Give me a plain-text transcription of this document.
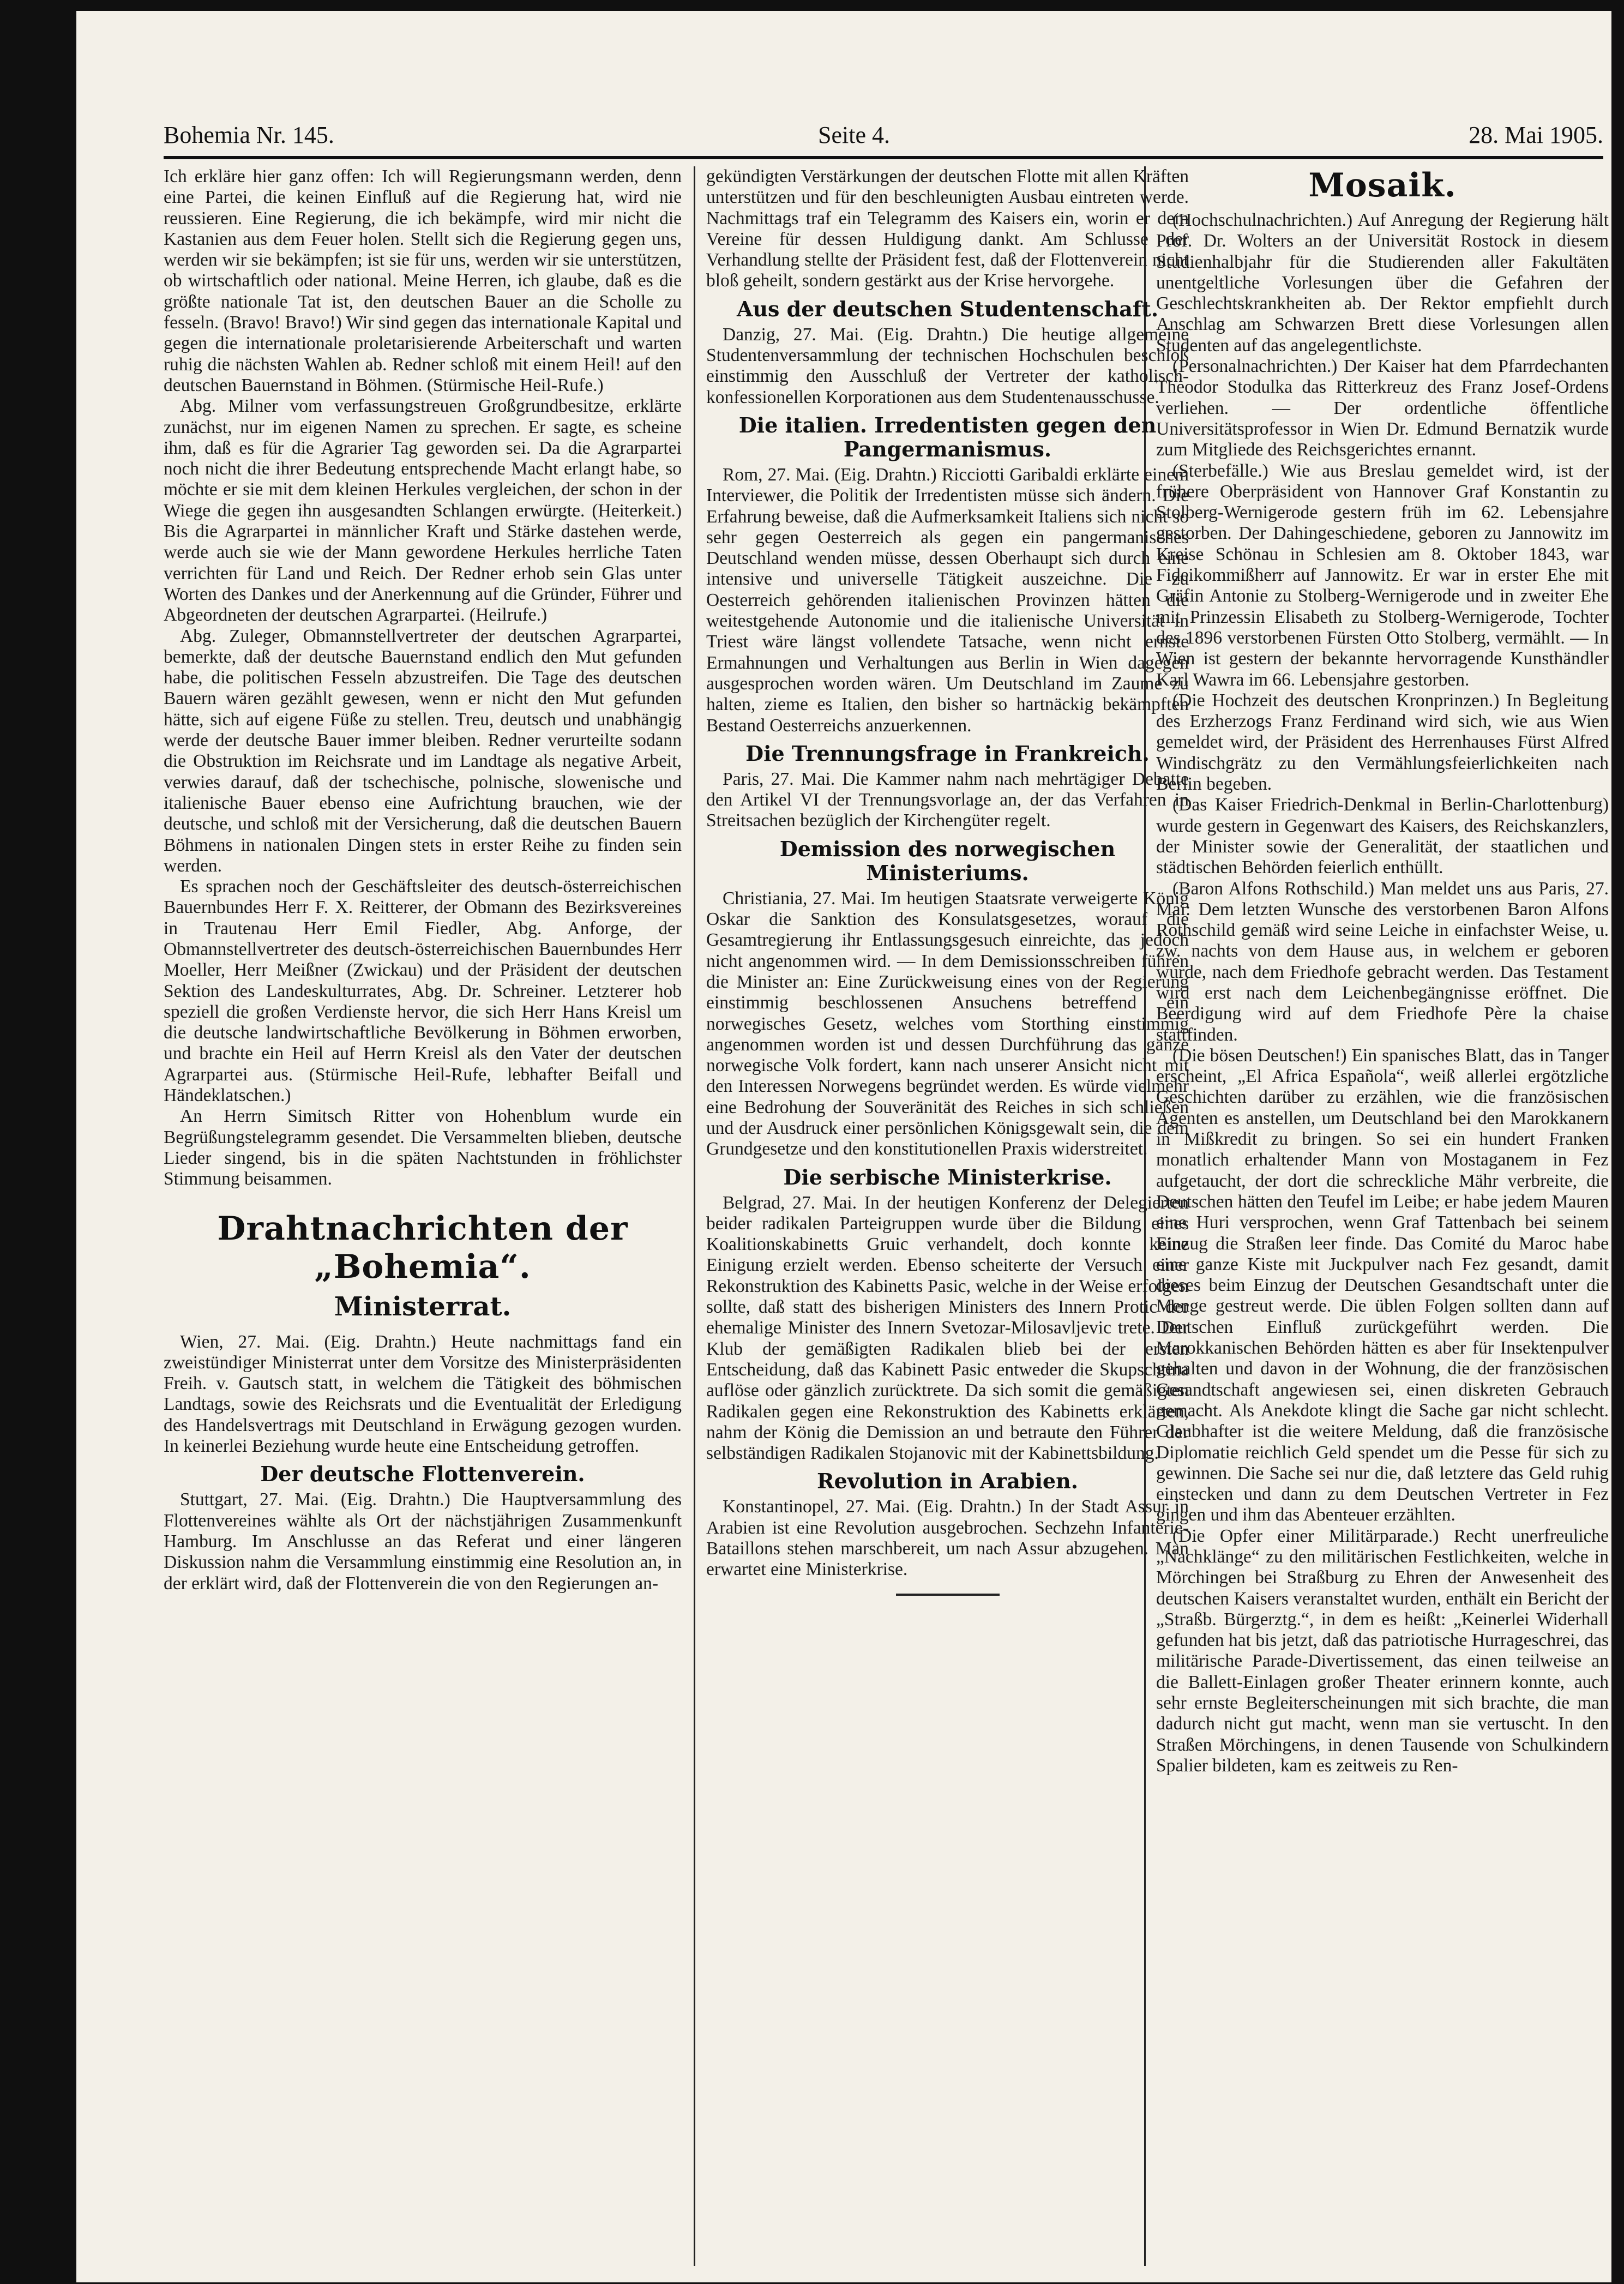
Bohemia Nr. 145.	Seite 4.	28. Mai 1905.

Ich erkläre hier ganz offen: Ich will Regierungsmann werden, denn eine Partei, die keinen Einfluß auf die Regierung hat, wird nie reussieren. Eine Regierung, die ich bekämpfe, wird mir nicht die Kastanien aus dem Feuer holen. Stellt sich die Regierung gegen uns, werden wir sie bekämpfen; ist sie für uns, werden wir sie unterstützen, ob wirtschaftlich oder national. Meine Herren, ich glaube, daß es die größte nationale Tat ist, den deutschen Bauer an die Scholle zu fesseln. (Bravo! Bravo!) Wir sind gegen das internationale Kapital und gegen die internationale proletarisierende Arbeiterschaft und warten ruhig die nächsten Wahlen ab. Redner schloß mit einem Heil! auf den deutschen Bauernstand in Böhmen. (Stürmische Heil-Rufe.)

Abg. Milner vom verfassungstreuen Großgrundbesitze, erklärte zunächst, nur im eigenen Namen zu sprechen. Er sagte, es scheine ihm, daß es für die Agrarier Tag geworden sei. Da die Agrarpartei noch nicht die ihrer Bedeutung entsprechende Macht erlangt habe, so möchte er sie mit dem kleinen Herkules vergleichen, der schon in der Wiege die gegen ihn ausgesandten Schlangen erwürgte. (Heiterkeit.) Bis die Agrarpartei in männlicher Kraft und Stärke dastehen werde, werde auch sie wie der Mann gewordene Herkules herrliche Taten verrichten für Land und Reich. Der Redner erhob sein Glas unter Worten des Dankes und der Anerkennung auf die Gründer, Führer und Abgeordneten der deutschen Agrarpartei. (Heilrufe.)

Abg. Zuleger, Obmannstellvertreter der deutschen Agrarpartei, bemerkte, daß der deutsche Bauernstand endlich den Mut gefunden habe, die politischen Fesseln abzustreifen. Die Tage des deutschen Bauern wären gezählt gewesen, wenn er nicht den Mut gefunden hätte, sich auf eigene Füße zu stellen. Treu, deutsch und unabhängig werde der deutsche Bauer immer bleiben. Redner verurteilte sodann die Obstruktion im Reichsrate und im Landtage als negative Arbeit, verwies darauf, daß der tschechische, polnische, slowenische und italienische Bauer ebenso eine Aufrichtung brauchen, wie der deutsche, und schloß mit der Versicherung, daß die deutschen Bauern Böhmens in nationalen Dingen stets in erster Reihe zu finden sein werden.

Es sprachen noch der Geschäftsleiter des deutsch-österreichischen Bauernbundes Herr F. X. Reitterer, der Obmann des Bezirksvereines in Trautenau Herr Emil Fiedler, Abg. Anforge, der Obmannstellvertreter des deutsch-österreichischen Bauernbundes Herr Moeller, Herr Meißner (Zwickau) und der Präsident der deutschen Sektion des Landeskulturrates, Abg. Dr. Schreiner. Letzterer hob speziell die großen Verdienste hervor, die sich Herr Hans Kreisl um die deutsche landwirtschaftliche Bevölkerung in Böhmen erworben, und brachte ein Heil auf Herrn Kreisl als den Vater der deutschen Agrarpartei aus. (Stürmische Heil-Rufe, lebhafter Beifall und Händeklatschen.)

An Herrn Simitsch Ritter von Hohenblum wurde ein Begrüßungstelegramm gesendet. Die Versammelten blieben, deutsche Lieder singend, bis in die späten Nachtstunden in fröhlichster Stimmung beisammen.

Drahtnachrichten der „Bohemia“.
Ministerrat.

Wien, 27. Mai. (Eig. Drahtn.) Heute nachmittags fand ein zweistündiger Ministerrat unter dem Vorsitze des Ministerpräsidenten Freih. v. Gautsch statt, in welchem die Tätigkeit des böhmischen Landtags, sowie des Reichsrats und die Eventualität der Erledigung des Handelsvertrags mit Deutschland in Erwägung gezogen wurden. In keinerlei Beziehung wurde heute eine Entscheidung getroffen.

Der deutsche Flottenverein.

Stuttgart, 27. Mai. (Eig. Drahtn.) Die Hauptversammlung des Flottenvereines wählte als Ort der nächstjährigen Zusammenkunft Hamburg. Im Anschlusse an das Referat und einer längeren Diskussion nahm die Versammlung einstimmig eine Resolution an, in der erklärt wird, daß der Flottenverein die von den Regierungen an-

gekündigten Verstärkungen der deutschen Flotte mit allen Kräften unterstützen und für den beschleunigten Ausbau eintreten werde. Nachmittags traf ein Telegramm des Kaisers ein, worin er dem Vereine für dessen Huldigung dankt. Am Schlusse der Verhandlung stellte der Präsident fest, daß der Flottenverein nicht bloß geheilt, sondern gestärkt aus der Krise hervorgehe.

Aus der deutschen Studentenschaft.

Danzig, 27. Mai. (Eig. Drahtn.) Die heutige allgemeine Studentenversammlung der technischen Hochschulen beschloß einstimmig den Ausschluß der Vertreter der katholisch-konfessionellen Korporationen aus dem Studentenausschusse.

Die italien. Irredentisten gegen den Pangermanismus.

Rom, 27. Mai. (Eig. Drahtn.) Ricciotti Garibaldi erklärte einem Interviewer, die Politik der Irredentisten müsse sich ändern. Die Erfahrung beweise, daß die Aufmerksamkeit Italiens sich nicht so sehr gegen Oesterreich als gegen ein pangermanisches Deutschland wenden müsse, dessen Oberhaupt sich durch eine intensive und universelle Tätigkeit auszeichne. Die zu Oesterreich gehörenden italienischen Provinzen hätten die weitestgehende Autonomie und die italienische Universität in Triest wäre längst vollendete Tatsache, wenn nicht ernste Ermahnungen und Verhaltungen aus Berlin in Wien dagegen ausgesprochen worden wären. Um Deutschland im Zaume zu halten, zieme es Italien, den bisher so hartnäckig bekämpften Bestand Oesterreichs anzuerkennen.

Die Trennungsfrage in Frankreich.

Paris, 27. Mai. Die Kammer nahm nach mehrtägiger Debatte den Artikel VI der Trennungsvorlage an, der das Verfahren in Streitsachen bezüglich der Kirchengüter regelt.

Demission des norwegischen Ministeriums.

Christiania, 27. Mai. Im heutigen Staatsrate verweigerte König Oskar die Sanktion des Konsulatsgesetzes, worauf die Gesamtregierung ihr Entlassungsgesuch einreichte, das jedoch nicht angenommen wird. — In dem Demissionsschreiben führen die Minister an: Eine Zurückweisung eines von der Regierung einstimmig beschlossenen Ansuchens betreffend ein norwegisches Gesetz, welches vom Storthing einstimmig angenommen worden ist und dessen Durchführung das ganze norwegische Volk fordert, kann nach unserer Ansicht nicht mit den Interessen Norwegens begründet werden. Es würde vielmehr eine Bedrohung der Souveränität des Reiches in sich schließen und der Ausdruck einer persönlichen Königsgewalt sein, die dem Grundgesetze und den konstitutionellen Praxis widerstreitet.

Die serbische Ministerkrise.

Belgrad, 27. Mai. In der heutigen Konferenz der Delegierten beider radikalen Parteigruppen wurde über die Bildung eines Koalitionskabinetts Gruic verhandelt, doch konnte keine Einigung erzielt werden. Ebenso scheiterte der Versuch einer Rekonstruktion des Kabinetts Pasic, welche in der Weise erfolgen sollte, daß statt des bisherigen Ministers des Innern Protic der ehemalige Minister des Innern Svetozar-Milosavljevic trete. Der Klub der gemäßigten Radikalen blieb bei der ersten Entscheidung, daß das Kabinett Pasic entweder die Skupschtina auflöse oder gänzlich zurücktrete. Da sich somit die gemäßigten Radikalen gegen eine Rekonstruktion des Kabinetts erklärten, nahm der König die Demission an und betraute den Führer der selbständigen Radikalen Stojanovic mit der Kabinettsbildung.

Revolution in Arabien.

Konstantinopel, 27. Mai. (Eig. Drahtn.) In der Stadt Assur in Arabien ist eine Revolution ausgebrochen. Sechzehn Infanterie-Bataillons stehen marschbereit, um nach Assur abzugehen. Man erwartet eine Ministerkrise.

Mosaik.

(Hochschulnachrichten.) Auf Anregung der Regierung hält Prof. Dr. Wolters an der Universität Rostock in diesem Studienhalbjahr für die Studierenden aller Fakultäten unentgeltliche Vorlesungen über die Gefahren der Geschlechtskrankheiten ab. Der Rektor empfiehlt durch Anschlag am Schwarzen Brett diese Vorlesungen allen Studenten auf das angelegentlichste.

(Personalnachrichten.) Der Kaiser hat dem Pfarrdechanten Theodor Stodulka das Ritterkreuz des Franz Josef-Ordens verliehen. — Der ordentliche öffentliche Universitätsprofessor in Wien Dr. Edmund Bernatzik wurde zum Mitgliede des Reichsgerichtes ernannt.

(Sterbefälle.) Wie aus Breslau gemeldet wird, ist der frühere Oberpräsident von Hannover Graf Konstantin zu Stolberg-Wernigerode gestern früh im 62. Lebensjahre gestorben. Der Dahingeschiedene, geboren zu Jannowitz im Kreise Schönau in Schlesien am 8. Oktober 1843, war Fideikommißherr auf Jannowitz. Er war in erster Ehe mit Gräfin Antonie zu Stolberg-Wernigerode und in zweiter Ehe mit Prinzessin Elisabeth zu Stolberg-Wernigerode, Tochter des 1896 verstorbenen Fürsten Otto Stolberg, vermählt. — In Wien ist gestern der bekannte hervorragende Kunsthändler Karl Wawra im 66. Lebensjahre gestorben.

(Die Hochzeit des deutschen Kronprinzen.) In Begleitung des Erzherzogs Franz Ferdinand wird sich, wie aus Wien gemeldet wird, der Präsident des Herrenhauses Fürst Alfred Windischgrätz zu den Vermählungsfeierlichkeiten nach Berlin begeben.

(Das Kaiser Friedrich-Denkmal in Berlin-Charlottenburg) wurde gestern in Gegenwart des Kaisers, des Reichskanzlers, der Minister sowie der Generalität, der staatlichen und städtischen Behörden feierlich enthüllt.

(Baron Alfons Rothschild.) Man meldet uns aus Paris, 27. Mai: Dem letzten Wunsche des verstorbenen Baron Alfons Rothschild gemäß wird seine Leiche in einfachster Weise, u. zw. nachts von dem Hause aus, in welchem er geboren wurde, nach dem Friedhofe gebracht werden. Das Testament wird erst nach dem Leichenbegängnisse eröffnet. Die Beerdigung wird auf dem Friedhofe Père la chaise stattfinden.

(Die bösen Deutschen!) Ein spanisches Blatt, das in Tanger erscheint, „El Africa Española“, weiß allerlei ergötzliche Geschichten darüber zu erzählen, wie die französischen Agenten es anstellen, um Deutschland bei den Marokkanern in Mißkredit zu bringen. So sei ein hundert Franken monatlich erhaltender Mann von Mostaganem in Fez aufgetaucht, der dort die schreckliche Mähr verbreite, die Deutschen hätten den Teufel im Leibe; er habe jedem Mauren eine Huri versprochen, wenn Graf Tattenbach bei seinem Einzug die Straßen leer finde. Das Comité du Maroc habe eine ganze Kiste mit Juckpulver nach Fez gesandt, damit dieses beim Einzug der Deutschen Gesandtschaft unter die Menge gestreut werde. Die üblen Folgen sollten dann auf Deutschen Einfluß zurückgeführt werden. Die Marokkanischen Behörden hätten es aber für Insektenpulver gehalten und davon in der Wohnung, die der französischen Gesandtschaft angewiesen sei, einen diskreten Gebrauch gemacht. Als Anekdote klingt die Sache gar nicht schlecht. Glaubhafter ist die weitere Meldung, daß die französische Diplomatie reichlich Geld spendet um die Pesse für sich zu gewinnen. Die Sache sei nur die, daß letztere das Geld ruhig einstecken und dann zu dem Deutschen Vertreter in Fez gingen und ihm das Abenteuer erzählten.

(Die Opfer einer Militärparade.) Recht unerfreuliche „Nachklänge“ zu den militärischen Festlichkeiten, welche in Mörchingen bei Straßburg zu Ehren der Anwesenheit des deutschen Kaisers veranstaltet wurden, enthält ein Bericht der „Straßb. Bürgerztg.“, in dem es heißt: „Keinerlei Widerhall gefunden hat bis jetzt, daß das patriotische Hurrageschrei, das militärische Parade-Divertissement, das einen teilweise an die Ballett-Einlagen großer Theater erinnern konnte, auch sehr ernste Begleiterscheinungen mit sich brachte, die man dadurch nicht gut macht, wenn man sie vertuscht. In den Straßen Mörchingens, in denen Tausende von Schulkindern Spalier bildeten, kam es zeitweis zu Ren-
